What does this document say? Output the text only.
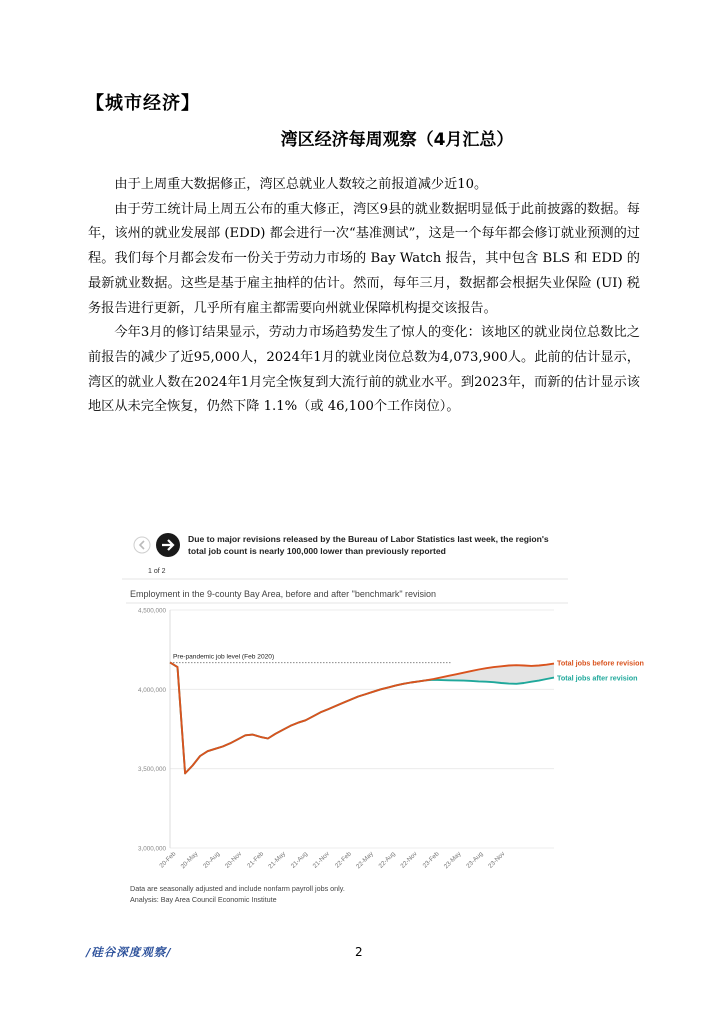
【城市经济】
湾区经济每周观察（4月汇总）

由于上周重大数据修正，湾区总就业人数较之前报道减少近10。

由于劳工统计局上周五公布的重大修正，湾区9县的就业数据明显低于此前披露的数据。每年，该州的就业发展部 (EDD) 都会进行一次“基准测试”，这是一个每年都会修订就业预测的过程。我们每个月都会发布一份关于劳动力市场的 Bay Watch 报告，其中包含 BLS 和 EDD 的最新就业数据。这些是基于雇主抽样的估计。然而，每年三月，数据都会根据失业保险 (UI) 税务报告进行更新，几乎所有雇主都需要向州就业保障机构提交该报告。

今年3月的修订结果显示，劳动力市场趋势发生了惊人的变化：该地区的就业岗位总数比之前报告的减少了近95,000人，2024年1月的就业岗位总数为4,073,900人。此前的估计显示，湾区的就业人数在2024年1月完全恢复到大流行前的就业水平。到2023年，而新的估计显示该地区从未完全恢复，仍然下降 1.1%（或 46,100个工作岗位）。

1 of 2
Due to major revisions released by the Bureau of Labor Statistics last week, the region's
total job count is nearly 100,000 lower than previously reported
Employment in the 9-county Bay Area, before and after "benchmark" revision
4,500,000
4,000,000
3,500,000
3,000,000
20-Feb 20-May 20-Aug 20-Nov 21-Feb 21-May 21-Aug 21-Nov 22-Feb 22-May 22-Aug 22-Nov 23-Feb 23-May 23-Aug 23-Nov
Pre-pandemic job level (Feb 2020)
Total jobs before revision
Total jobs after revision
Data are seasonally adjusted and include nonfarm payroll jobs only.
Analysis: Bay Area Council Economic Institute
/硅谷深度观察/	2
